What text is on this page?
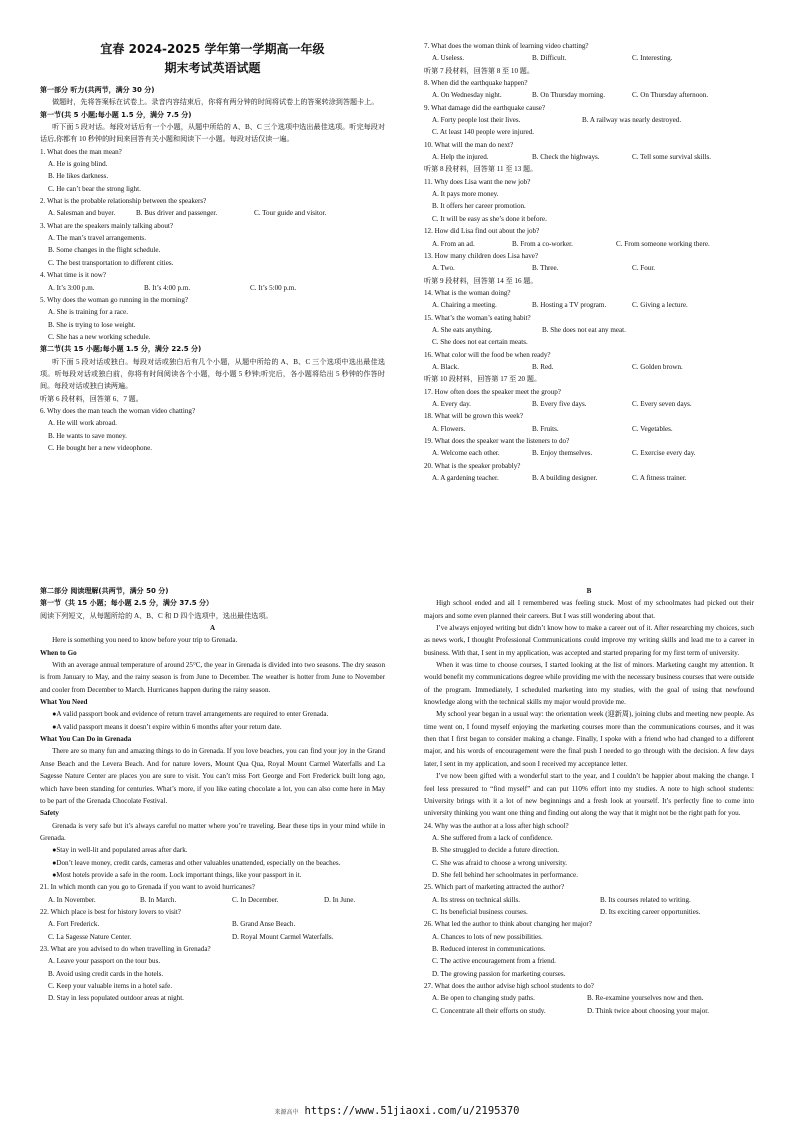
宜春 2024-2025 学年第一学期高一年级
期末考试英语试题
第一部分 听力(共两节，满分 30 分)
做题时，先将答案标在试卷上。录音内容结束后，你将有两分钟的时间将试卷上的答案转涂到答题卡上。
第一节(共 5 小题;每小题 1.5 分，满分 7.5 分)
听下面 5 段对话。每段对话后有一个小题，从题中所给的 A、B、C 三个选项中选出最佳选项。听完每段对话后,你都有 10 秒钟的时间来回答有关小题和阅读下一小题。每段对话仅读一遍。
1. What does the man mean?
A. He is going blind.
B. He likes darkness.
C. He can’t bear the strong light.
2. What is the probable relationship between the speakers?
A. Salesman and buyer.	B. Bus driver and passenger.	C. Tour guide and visitor.
3. What are the speakers mainly talking about?
A. The man’s travel arrangements.
B. Some changes in the flight schedule.
C. The best transportation to different cities.
4. What time is it now?
A. It’s 3:00 p.m.	B. It’s 4:00 p.m.	C. It’s 5:00 p.m.
5. Why does the woman go running in the morning?
A. She is training for a race.
B. She is trying to lose weight.
C. She has a new working schedule.
第二节(共 15 小题;每小题 1.5 分，满分 22.5 分)
听下面 5 段对话或独白。每段对话或独白后有几个小题，从题中所给的 A、B、C 三个选项中选出最佳选项。听每段对话或独白前，你将有时间阅读各个小题，每小题 5 秒钟;听完后，各小题将给出 5 秒钟的作答时间。每段对话或独白读两遍。
听第 6 段材料，回答第 6、7 题。
6. Why does the man teach the woman video chatting?
A. He will work abroad.
B. He wants to save money.
C. He bought her a new videophone.
7. What does the woman think of learning video chatting?
A. Useless.	B. Difficult.	C. Interesting.
听第 7 段材料，回答第 8 至 10 题。
8. When did the earthquake happen?
A. On Wednesday night.	B. On Thursday morning.	C. On Thursday afternoon.
9. What damage did the earthquake cause?
A. Forty people lost their lives.	B. A railway was nearly destroyed.
C. At least 140 people were injured.
10. What will the man do next?
A. Help the injured.	B. Check the highways.	C. Tell some survival skills.
听第 8 段材料，回答第 11 至 13 题。
11. Why does Lisa want the new job?
A. It pays more money.
B. It offers her career promotion.
C. It will be easy as she’s done it before.
12. How did Lisa find out about the job?
A. From an ad.	B. From a co-worker.	C. From someone working there.
13. How many children does Lisa have?
A. Two.	B. Three.	C. Four.
听第 9 段材料，回答第 14 至 16 题。
14. What is the woman doing?
A. Chairing a meeting.	B. Hosting a TV program.	C. Giving a lecture.
15. What’s the woman’s eating habit?
A. She eats anything.	B. She does not eat any meat.
C. She does not eat certain meats.
16. What color will the food be when ready?
A. Black.	B. Red.	C. Golden brown.
听第 10 段材料，回答第 17 至 20 题。
17. How often does the speaker meet the group?
A. Every day.	B. Every five days.	C. Every seven days.
18. What will be grown this week?
A. Flowers.	B. Fruits.	C. Vegetables.
19. What does the speaker want the listeners to do?
A. Welcome each other.	B. Enjoy themselves.	C. Exercise every day.
20. What is the speaker probably?
A. A gardening teacher.	B. A building designer.	C. A fitness trainer.
第二部分 阅读理解(共两节，满分 50 分)
第一节（共 15 小题；每小题 2.5 分，满分 37.5 分）
阅读下列短文，从每题所给的 A、B、C 和 D 四个选项中，选出最佳选项。
A
Here is something you need to know before your trip to Grenada.
When to Go
With an average annual temperature of around 25°C, the year in Grenada is divided into two seasons. The dry season is from January to May, and the rainy season is from June to December. The weather is hotter from June to November and cooler from December to March. Hurricanes happen during the rainy season.
What You Need
●A valid passport book and evidence of return travel arrangements are required to enter Grenada.
●A valid passport means it doesn’t expire within 6 months after your return date.
What You Can Do in Grenada
There are so many fun and amazing things to do in Grenada. If you love beaches, you can find your joy in the Grand Anse Beach and the Levera Beach. And for nature lovers, Mount Qua Qua, Royal Mount Carmel Waterfalls and La Sagesse Nature Center are places you are sure to visit. You can’t miss Fort George and Fort Frederick built long ago, which have been standing for centuries. What’s more, if you like eating chocolate a lot, you can also come here in May to be part of the Grenada Chocolate Festival.
Safety
Grenada is very safe but it’s always careful no matter where you’re traveling. Bear these tips in your mind while in Grenada.
●Stay in well-lit and populated areas after dark.
●Don’t leave money, credit cards, cameras and other valuables unattended, especially on the beaches.
●Most hotels provide a safe in the room. Lock important things, like your passport in it.
21. In which month can you go to Grenada if you want to avoid hurricanes?
A. In November.	B. In March.	C. In December.	D. In June.
22. Which place is best for history lovers to visit?
A. Fort Frederick.	B. Grand Anse Beach.
C. La Sagesse Nature Center.	D. Royal Mount Carmel Waterfalls.
23. What are you advised to do when travelling in Grenada?
A. Leave your passport on the tour bus.
B. Avoid using credit cards in the hotels.
C. Keep your valuable items in a hotel safe.
D. Stay in less populated outdoor areas at night.
B
High school ended and all I remembered was feeling stuck. Most of my schoolmates had picked out their majors and some even planned their careers. But I was still wondering about that.
I’ve always enjoyed writing but didn’t know how to make a career out of it. After researching my choices, such as news work, I thought Professional Communications could improve my writing skills and lead me to a career in business. With that, I sent in my application, was accepted and started preparing for my first term of university.
When it was time to choose courses, I started looking at the list of minors. Marketing caught my attention. It would benefit my communications degree while providing me with the necessary business courses that were outside of the program. Immediately, I scheduled marketing into my studies, with the goal of using that newfound knowledge along with the technical skills my major would provide me.
My school year began in a usual way: the orientation week (迎新周), joining clubs and meeting new people. As time went on, I found myself enjoying the marketing courses more than the communications courses, and it was then that I first began to consider making a change. Finally, I spoke with a friend who had changed to a different major, and his words of encouragement were the final push I needed to go through with the decision. A few days later, I sent in my application, and soon I received my acceptance letter.
I’ve now been gifted with a wonderful start to the year, and I couldn’t be happier about making the change. I feel less pressured to “find myself” and can put 110% effort into my studies. A note to high school students: University brings with it a lot of new beginnings and a fresh look at yourself. It’s perfectly fine to come into university thinking you want one thing and finding out along the way that it might not be the right path for you.
24. Why was the author at a loss after high school?
A. She suffered from a lack of confidence.
B. She struggled to decide a future direction.
C. She was afraid to choose a wrong university.
D. She fell behind her schoolmates in performance.
25. Which part of marketing attracted the author?
A. Its stress on technical skills.	B. Its courses related to writing.
C. Its beneficial business courses.	D. Its exciting career opportunities.
26. What led the author to think about changing her major?
A. Chances to lots of new possibilities.
B. Reduced interest in communications.
C. The active encouragement from a friend.
D. The growing passion for marketing courses.
27. What does the author advise high school students to do?
A. Be open to changing study paths.	B. Re-examine yourselves now and then.
C. Concentrate all their efforts on study.	D. Think twice about choosing your major.
来源高中 https://www.51jiaoxi.com/u/2195370
